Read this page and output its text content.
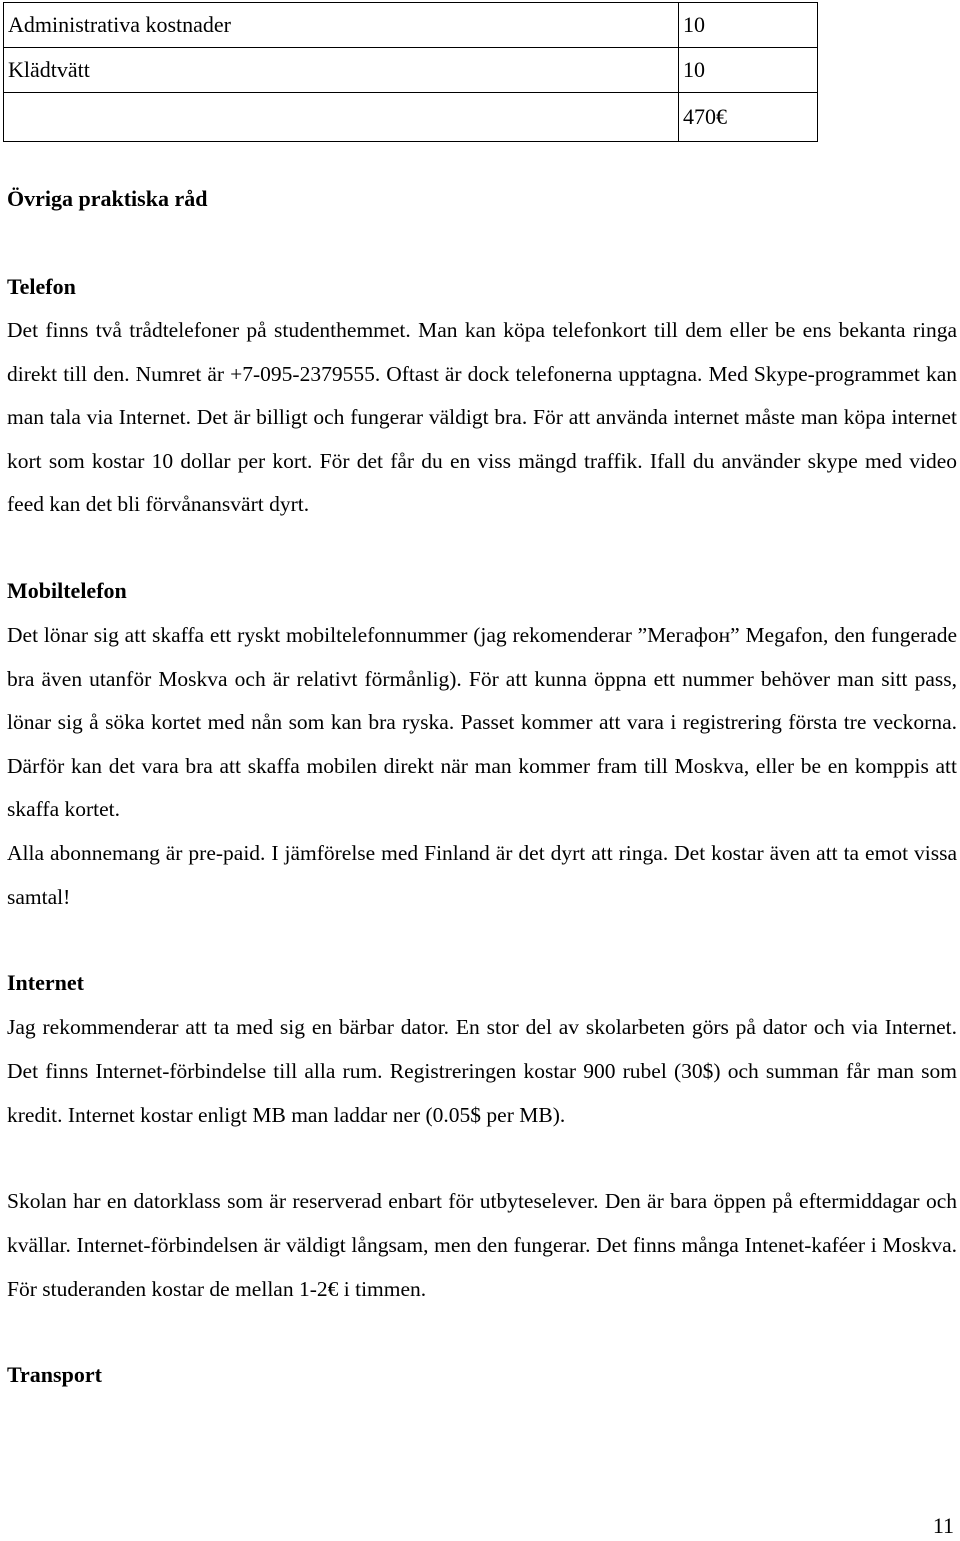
Administrativa kostnader	10
Klädtvätt	10
	470€
Övriga praktiska råd
Telefon
Det finns två trådtelefoner på studenthemmet. Man kan köpa telefonkort till dem eller be ens bekanta ringa direkt till den. Numret är +7-095-2379555. Oftast är dock telefonerna upptagna. Med Skype-programmet kan man tala via Internet. Det är billigt och fungerar väldigt bra. För att använda internet måste man köpa internet kort som kostar 10 dollar per kort. För det får du en viss mängd traffik. Ifall du använder skype med video feed kan det bli förvånansvärt dyrt.
Mobiltelefon
Det lönar sig att skaffa ett ryskt mobiltelefonnummer (jag rekomenderar ”Мегафон” Megafon, den fungerade bra även utanför Moskva och är relativt förmånlig). För att kunna öppna ett nummer behöver man sitt pass, lönar sig å söka kortet med nån som kan bra ryska. Passet kommer att vara i registrering första tre veckorna. Därför kan det vara bra att skaffa mobilen direkt när man kommer fram till Moskva, eller be en komppis att skaffa kortet.
Alla abonnemang är pre-paid. I jämförelse med Finland är det dyrt att ringa. Det kostar även att ta emot vissa samtal!
Internet
Jag rekommenderar att ta med sig en bärbar dator. En stor del av skolarbeten görs på dator och via Internet. Det finns Internet-förbindelse till alla rum. Registreringen kostar 900 rubel (30$) och summan får man som kredit. Internet kostar enligt MB man laddar ner (0.05$ per MB).
Skolan har en datorklass som är reserverad enbart för utbyteselever. Den är bara öppen på eftermiddagar och kvällar. Internet-förbindelsen är väldigt långsam, men den fungerar. Det finns många Intenet-kaféer i Moskva. För studeranden kostar de mellan 1-2€ i timmen.
Transport
11
